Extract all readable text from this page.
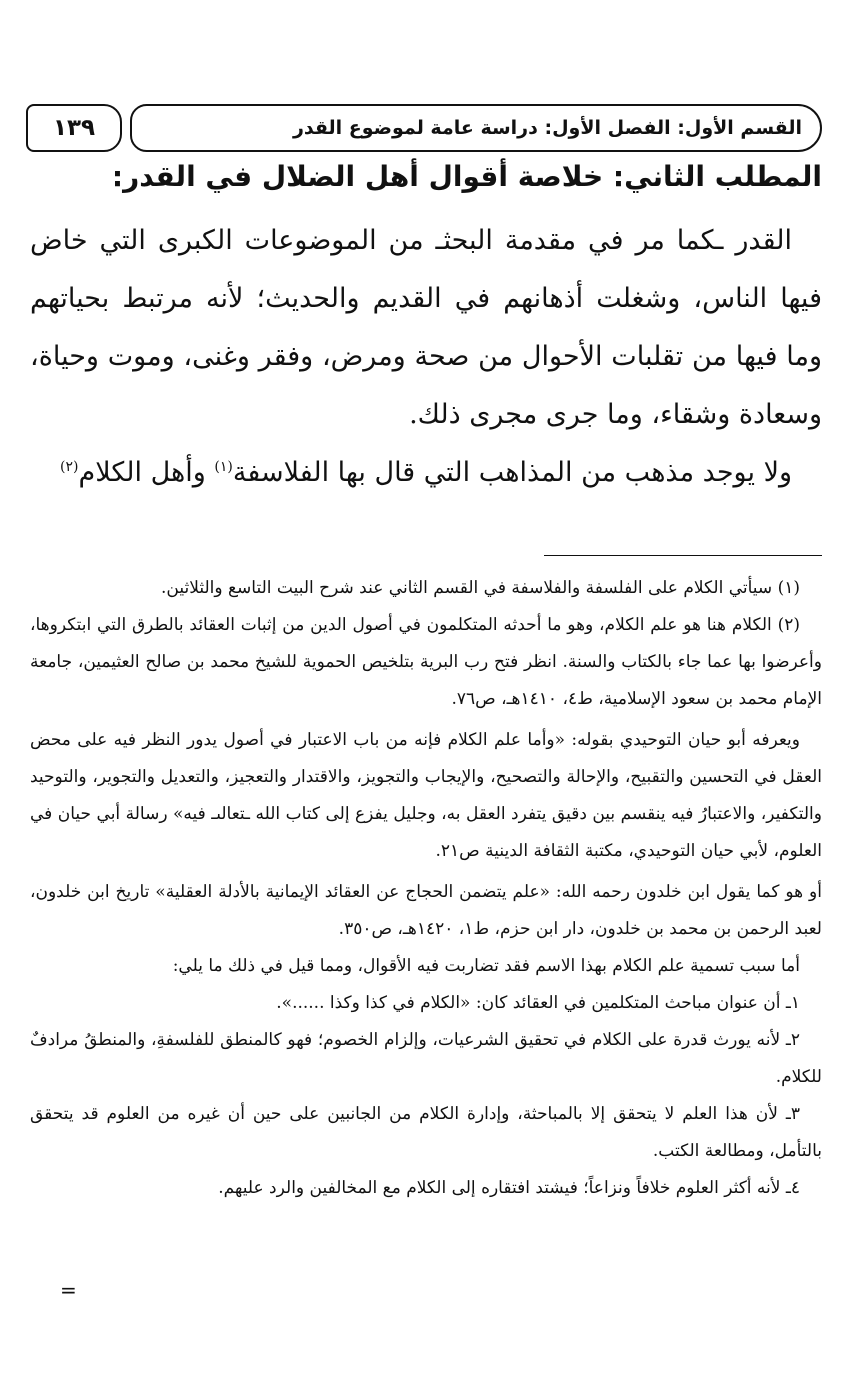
القسم الأول: الفصل الأول: دراسة عامة لموضوع القدر
١٣٩
المطلب الثاني: خلاصة أقوال أهل الضلال في القدر:

القدر ـكما مر في مقدمة البحثـ من الموضوعات الكبرى التي خاض فيها الناس، وشغلت أذهانهم في القديم والحديث؛ لأنه مرتبط بحياتهم وما فيها من تقلبات الأحوال من صحة ومرض، وفقر وغنى، وموت وحياة، وسعادة وشقاء، وما جرى مجرى ذلك.

ولا يوجد مذهب من المذاهب التي قال بها الفلاسفة$^{(١)}$ وأهل الكلام$^{(٢)}$

(١) سيأتي الكلام على الفلسفة والفلاسفة في القسم الثاني عند شرح البيت التاسع والثلاثين.

(٢) الكلام هنا هو علم الكلام، وهو ما أحدثه المتكلمون في أصول الدين من إثبات العقائد بالطرق التي ابتكروها، وأعرضوا بها عما جاء بالكتاب والسنة. انظر فتح رب البرية بتلخيص الحموية للشيخ محمد بن صالح العثيمين، جامعة الإمام محمد بن سعود الإسلامية، ط٤، ١٤١٠هـ، ص٧٦.

ويعرفه أبو حيان التوحيدي بقوله: «وأما علم الكلام فإنه من باب الاعتبار في أصول يدور النظر فيه على محض العقل في التحسين والتقبيح، والإحالة والتصحيح، والإيجاب والتجويز، والاقتدار والتعجيز، والتعديل والتجوير، والتوحيد والتكفير، والاعتبارُ فيه ينقسم بين دقيق يتفرد العقل به، وجليل يفزع إلى كتاب الله ـتعالىـ فيه» رسالة أبي حيان في العلوم، لأبي حيان التوحيدي، مكتبة الثقافة الدينية ص٢١.

أو هو كما يقول ابن خلدون رحمه الله: «علم يتضمن الحجاج عن العقائد الإيمانية بالأدلة العقلية» تاريخ ابن خلدون، لعبد الرحمن بن محمد بن خلدون، دار ابن حزم، ط١، ١٤٢٠هـ، ص٣٥٠.

أما سبب تسمية علم الكلام بهذا الاسم فقد تضاربت فيه الأقوال، ومما قيل في ذلك ما يلي:

١ـ أن عنوان مباحث المتكلمين في العقائد كان: «الكلام في كذا وكذا ......».

٢ـ لأنه يورث قدرة على الكلام في تحقيق الشرعيات، وإلزام الخصوم؛ فهو كالمنطق للفلسفةِ، والمنطقُ مرادفٌ للكلام.

٣ـ لأن هذا العلم لا يتحقق إلا بالمباحثة، وإدارة الكلام من الجانبين على حين أن غيره من العلوم قد يتحقق بالتأمل، ومطالعة الكتب.

٤ـ لأنه أكثر العلوم خلافاً ونزاعاً؛ فيشتد افتقاره إلى الكلام مع المخالفين والرد عليهم.

=
